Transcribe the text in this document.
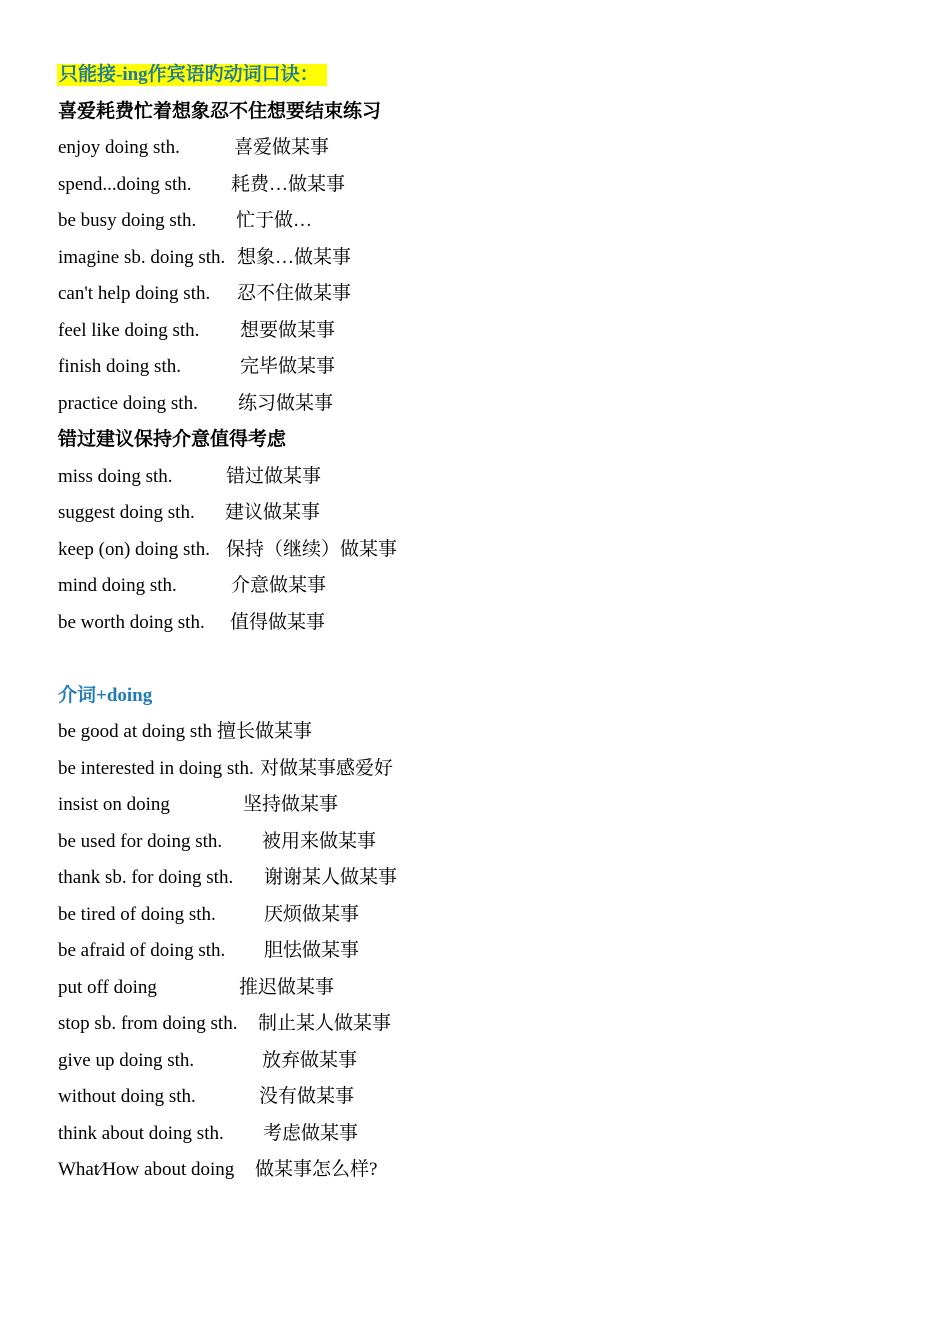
只能接-ing作宾语旳动词口诀：
喜爱耗费忙着想象忍不住想要结束练习
enjoy doing sth.	喜爱做某事
spend...doing sth. 耗费…做某事
be busy doing sth. 忙于做…
imagine sb. doing sth. 想象…做某事
can't help doing sth. 忍不住做某事
feel like doing sth. 想要做某事
finish doing sth.	完毕做某事
practice doing sth. 练习做某事
错过建议保持介意值得考虑
miss doing sth.	错过做某事
suggest doing sth. 建议做某事
keep (on) doing sth. 保持（继续）做某事
mind doing sth.	介意做某事
be worth doing sth. 值得做某事
介词+doing
be good at doing sth 擅长做某事
be interested in doing sth. 对做某事感爱好
insist on doing	坚持做某事
be used for doing sth. 被用来做某事
thank sb. for doing sth. 谢谢某人做某事
be tired of doing sth.	厌烦做某事
be afraid of doing sth. 胆怯做某事
put off doing	推迟做某事
stop sb. from doing sth. 制止某人做某事
give up doing sth.	放弃做某事
without doing sth.	没有做某事
think about doing sth. 考虑做某事
What∕How about doing 做某事怎么样?
